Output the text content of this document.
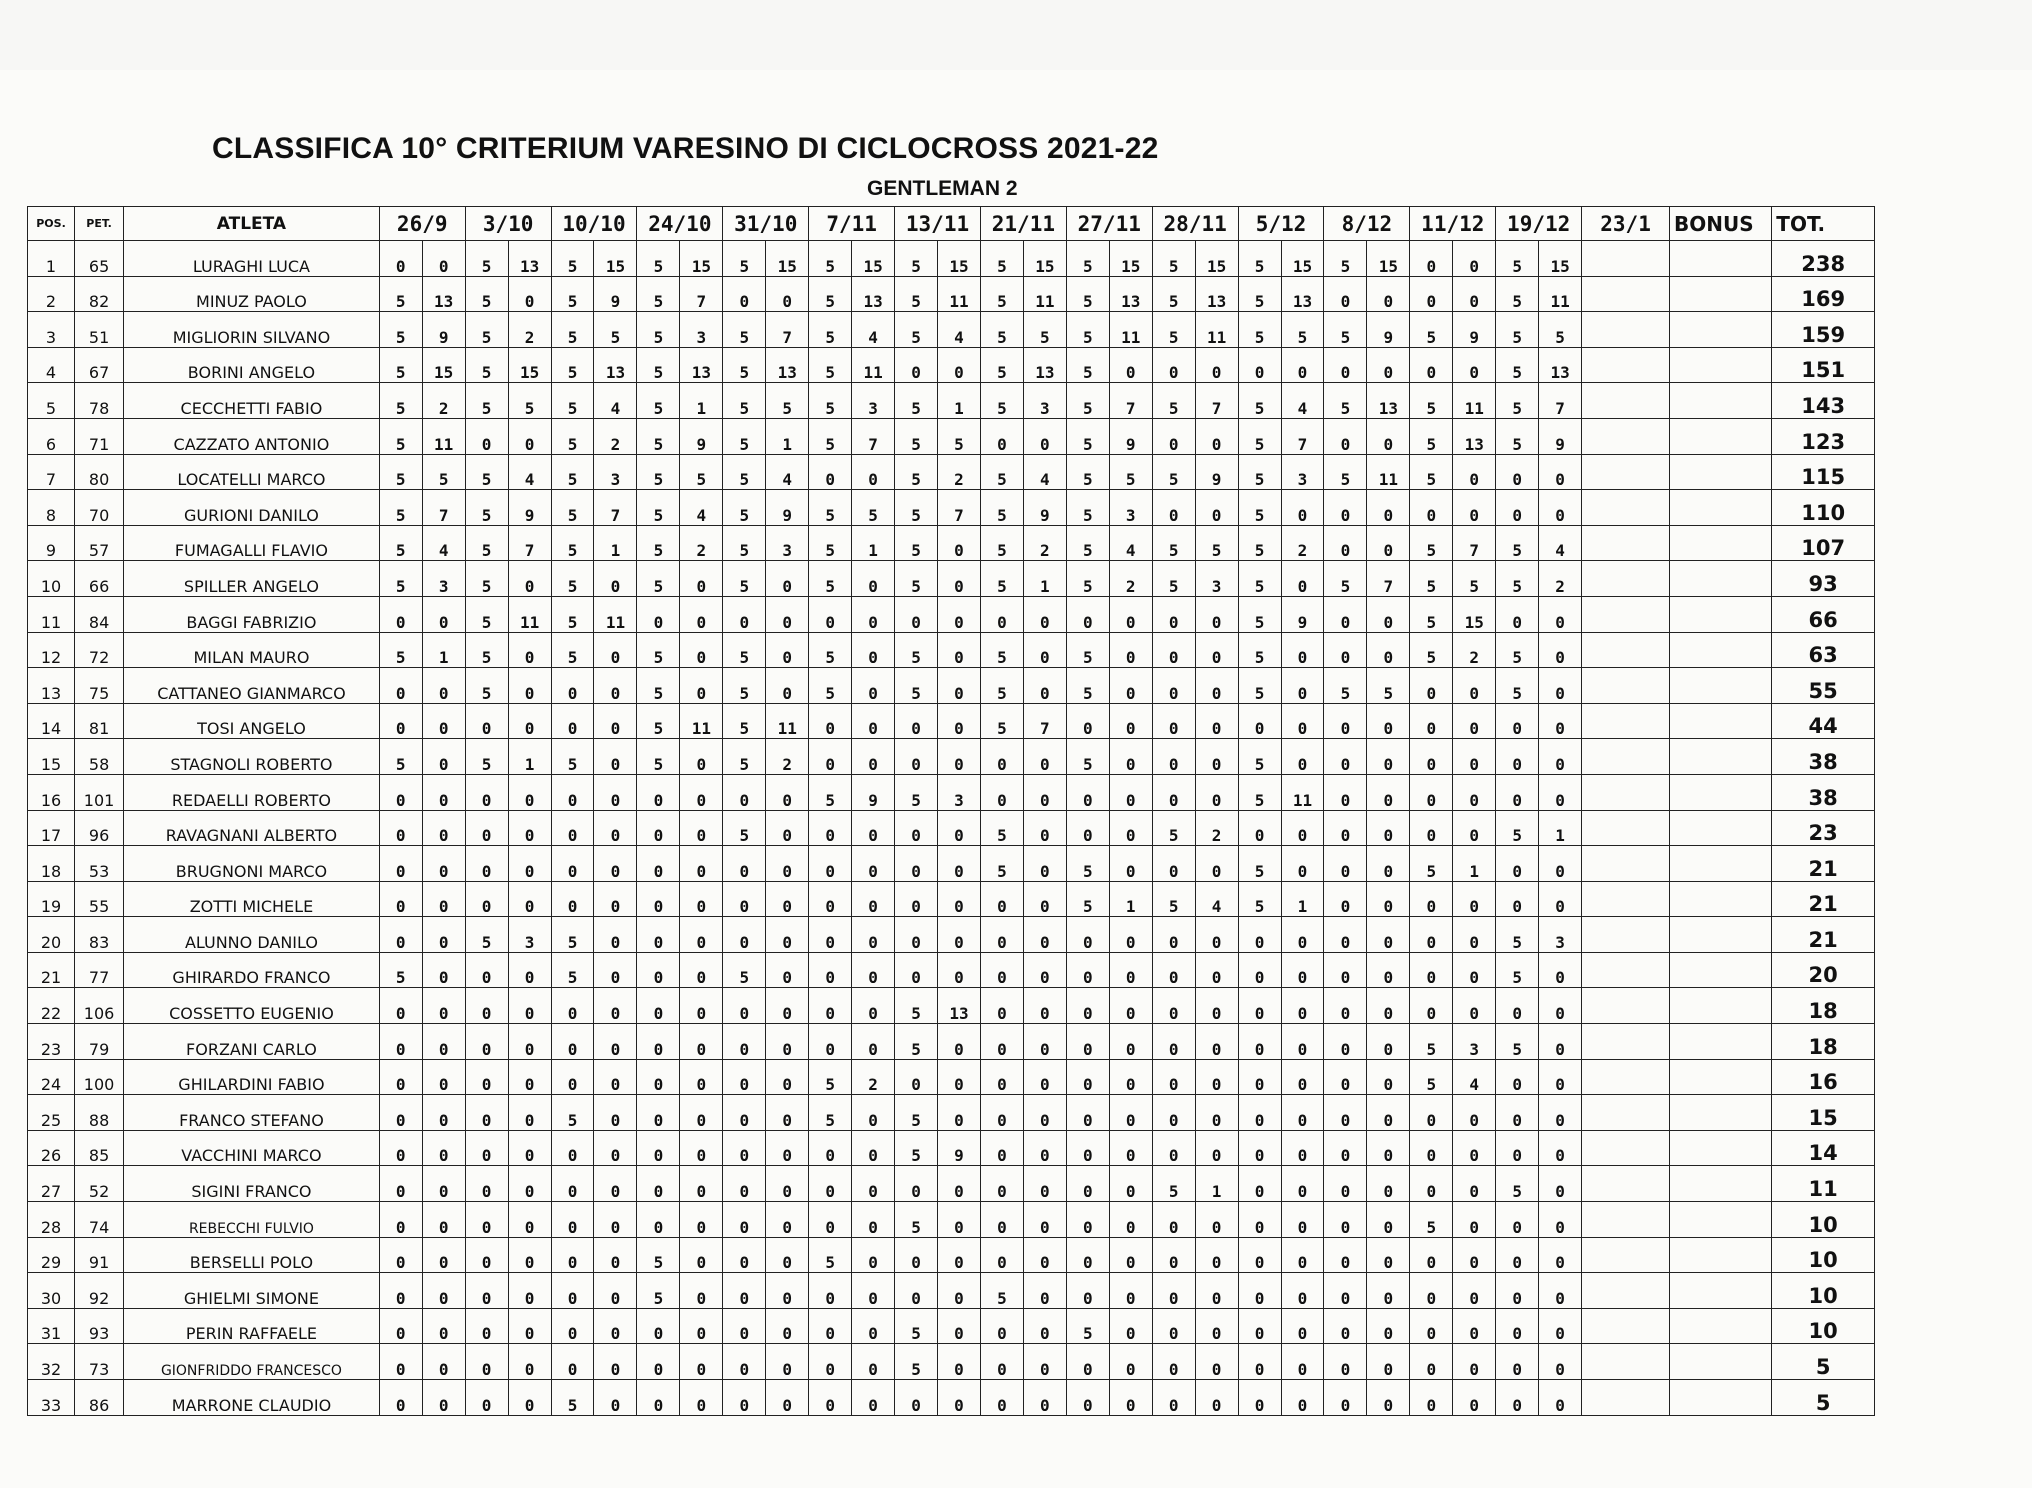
CLASSIFICA 10° CRITERIUM VARESINO DI CICLOCROSS 2021-22
GENTLEMAN 2
POS.	PET.	ATLETA	26/9		3/10		10/10		24/10		31/10		7/11		13/11		21/11		27/11		28/11		5/12		8/12		11/12		19/12		23/1	BONUS	TOT.
1	65	LURAGHI LUCA	0	0	5	13	5	15	5	15	5	15	5	15	5	15	5	15	5	15	5	15	5	15	5	15	0	0	5	15			238
2	82	MINUZ PAOLO	5	13	5	0	5	9	5	7	0	0	5	13	5	11	5	11	5	13	5	13	5	13	0	0	0	0	5	11			169
3	51	MIGLIORIN SILVANO	5	9	5	2	5	5	5	3	5	7	5	4	5	4	5	5	5	11	5	11	5	5	5	9	5	9	5	5			159
4	67	BORINI ANGELO	5	15	5	15	5	13	5	13	5	13	5	11	0	0	5	13	5	0	0	0	0	0	0	0	0	0	5	13			151
5	78	CECCHETTI FABIO	5	2	5	5	5	4	5	1	5	5	5	3	5	1	5	3	5	7	5	7	5	4	5	13	5	11	5	7			143
6	71	CAZZATO ANTONIO	5	11	0	0	5	2	5	9	5	1	5	7	5	5	0	0	5	9	0	0	5	7	0	0	5	13	5	9			123
7	80	LOCATELLI MARCO	5	5	5	4	5	3	5	5	5	4	0	0	5	2	5	4	5	5	5	9	5	3	5	11	5	0	0	0			115
8	70	GURIONI DANILO	5	7	5	9	5	7	5	4	5	9	5	5	5	7	5	9	5	3	0	0	5	0	0	0	0	0	0	0			110
9	57	FUMAGALLI FLAVIO	5	4	5	7	5	1	5	2	5	3	5	1	5	0	5	2	5	4	5	5	5	2	0	0	5	7	5	4			107
10	66	SPILLER ANGELO	5	3	5	0	5	0	5	0	5	0	5	0	5	0	5	1	5	2	5	3	5	0	5	7	5	5	5	2			93
11	84	BAGGI FABRIZIO	0	0	5	11	5	11	0	0	0	0	0	0	0	0	0	0	0	0	0	0	5	9	0	0	5	15	0	0			66
12	72	MILAN MAURO	5	1	5	0	5	0	5	0	5	0	5	0	5	0	5	0	5	0	0	0	5	0	0	0	5	2	5	0			63
13	75	CATTANEO GIANMARCO	0	0	5	0	0	0	5	0	5	0	5	0	5	0	5	0	5	0	0	0	5	0	5	5	0	0	5	0			55
14	81	TOSI ANGELO	0	0	0	0	0	0	5	11	5	11	0	0	0	0	5	7	0	0	0	0	0	0	0	0	0	0	0	0			44
15	58	STAGNOLI ROBERTO	5	0	5	1	5	0	5	0	5	2	0	0	0	0	0	0	5	0	0	0	5	0	0	0	0	0	0	0			38
16	101	REDAELLI ROBERTO	0	0	0	0	0	0	0	0	0	0	5	9	5	3	0	0	0	0	0	0	5	11	0	0	0	0	0	0			38
17	96	RAVAGNANI ALBERTO	0	0	0	0	0	0	0	0	5	0	0	0	0	0	5	0	0	0	5	2	0	0	0	0	0	0	5	1			23
18	53	BRUGNONI MARCO	0	0	0	0	0	0	0	0	0	0	0	0	0	0	5	0	5	0	0	0	5	0	0	0	5	1	0	0			21
19	55	ZOTTI MICHELE	0	0	0	0	0	0	0	0	0	0	0	0	0	0	0	0	5	1	5	4	5	1	0	0	0	0	0	0			21
20	83	ALUNNO DANILO	0	0	5	3	5	0	0	0	0	0	0	0	0	0	0	0	0	0	0	0	0	0	0	0	0	0	5	3			21
21	77	GHIRARDO FRANCO	5	0	0	0	5	0	0	0	5	0	0	0	0	0	0	0	0	0	0	0	0	0	0	0	0	0	5	0			20
22	106	COSSETTO EUGENIO	0	0	0	0	0	0	0	0	0	0	0	0	5	13	0	0	0	0	0	0	0	0	0	0	0	0	0	0			18
23	79	FORZANI CARLO	0	0	0	0	0	0	0	0	0	0	0	0	5	0	0	0	0	0	0	0	0	0	0	0	5	3	5	0			18
24	100	GHILARDINI FABIO	0	0	0	0	0	0	0	0	0	0	5	2	0	0	0	0	0	0	0	0	0	0	0	0	5	4	0	0			16
25	88	FRANCO STEFANO	0	0	0	0	5	0	0	0	0	0	5	0	5	0	0	0	0	0	0	0	0	0	0	0	0	0	0	0			15
26	85	VACCHINI MARCO	0	0	0	0	0	0	0	0	0	0	0	0	5	9	0	0	0	0	0	0	0	0	0	0	0	0	0	0			14
27	52	SIGINI FRANCO	0	0	0	0	0	0	0	0	0	0	0	0	0	0	0	0	0	0	5	1	0	0	0	0	0	0	5	0			11
28	74	REBECCHI FULVIO	0	0	0	0	0	0	0	0	0	0	0	0	5	0	0	0	0	0	0	0	0	0	0	0	5	0	0	0			10
29	91	BERSELLI POLO	0	0	0	0	0	0	5	0	0	0	5	0	0	0	0	0	0	0	0	0	0	0	0	0	0	0	0	0			10
30	92	GHIELMI SIMONE	0	0	0	0	0	0	5	0	0	0	0	0	0	0	5	0	0	0	0	0	0	0	0	0	0	0	0	0			10
31	93	PERIN RAFFAELE	0	0	0	0	0	0	0	0	0	0	0	0	5	0	0	0	5	0	0	0	0	0	0	0	0	0	0	0			10
32	73	GIONFRIDDO FRANCESCO	0	0	0	0	0	0	0	0	0	0	0	0	5	0	0	0	0	0	0	0	0	0	0	0	0	0	0	0			5
33	86	MARRONE CLAUDIO	0	0	0	0	5	0	0	0	0	0	0	0	0	0	0	0	0	0	0	0	0	0	0	0	0	0	0	0			5
